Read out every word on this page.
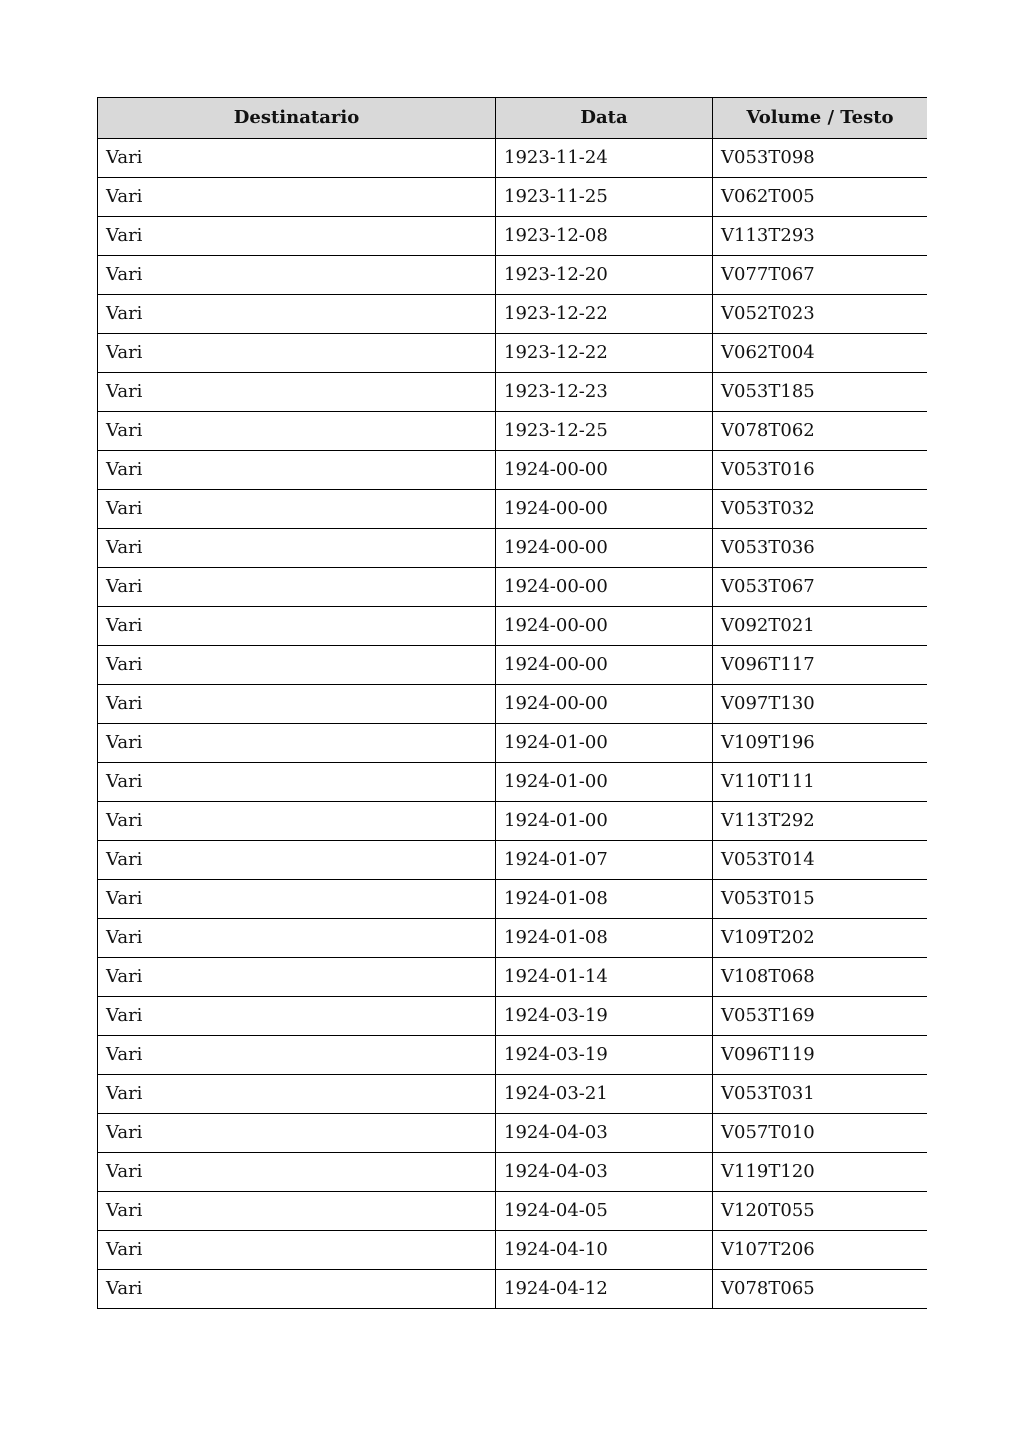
Destinatario	Data	Volume / Testo
Vari	1923-11-24	V053T098
Vari	1923-11-25	V062T005
Vari	1923-12-08	V113T293
Vari	1923-12-20	V077T067
Vari	1923-12-22	V052T023
Vari	1923-12-22	V062T004
Vari	1923-12-23	V053T185
Vari	1923-12-25	V078T062
Vari	1924-00-00	V053T016
Vari	1924-00-00	V053T032
Vari	1924-00-00	V053T036
Vari	1924-00-00	V053T067
Vari	1924-00-00	V092T021
Vari	1924-00-00	V096T117
Vari	1924-00-00	V097T130
Vari	1924-01-00	V109T196
Vari	1924-01-00	V110T111
Vari	1924-01-00	V113T292
Vari	1924-01-07	V053T014
Vari	1924-01-08	V053T015
Vari	1924-01-08	V109T202
Vari	1924-01-14	V108T068
Vari	1924-03-19	V053T169
Vari	1924-03-19	V096T119
Vari	1924-03-21	V053T031
Vari	1924-04-03	V057T010
Vari	1924-04-03	V119T120
Vari	1924-04-05	V120T055
Vari	1924-04-10	V107T206
Vari	1924-04-12	V078T065
